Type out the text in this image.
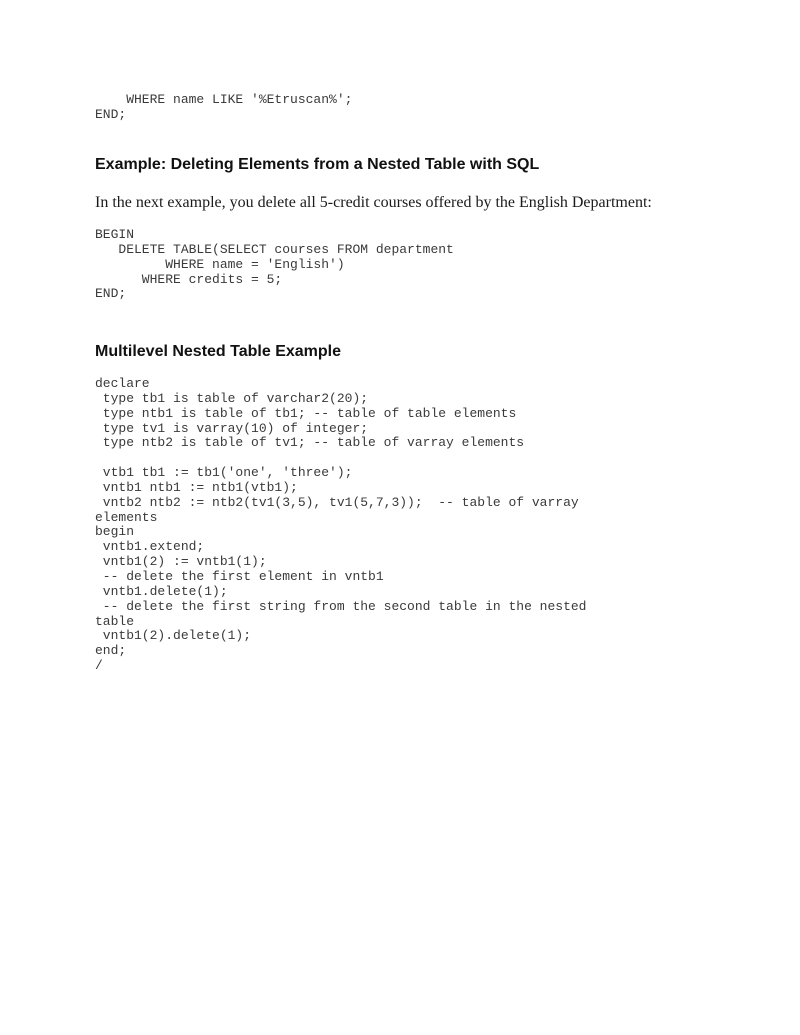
WHERE name LIKE '%Etruscan%';
END;
Example: Deleting Elements from a Nested Table with SQL

In the next example, you delete all 5-credit courses offered by the English Department:

BEGIN
DELETE TABLE(SELECT courses FROM department
WHERE name = 'English')
WHERE credits = 5;
END;
Multilevel Nested Table Example
declare
type tb1 is table of varchar2(20);
type ntb1 is table of tb1; -- table of table elements
type tv1 is varray(10) of integer;
type ntb2 is table of tv1; -- table of varray elements
vtb1 tb1 := tb1('one', 'three');
vntb1 ntb1 := ntb1(vtb1);
vntb2 ntb2 := ntb2(tv1(3,5), tv1(5,7,3));  -- table of varray
elements
begin
vntb1.extend;
vntb1(2) := vntb1(1);
-- delete the first element in vntb1
vntb1.delete(1);
-- delete the first string from the second table in the nested
table
vntb1(2).delete(1);
end;
/
